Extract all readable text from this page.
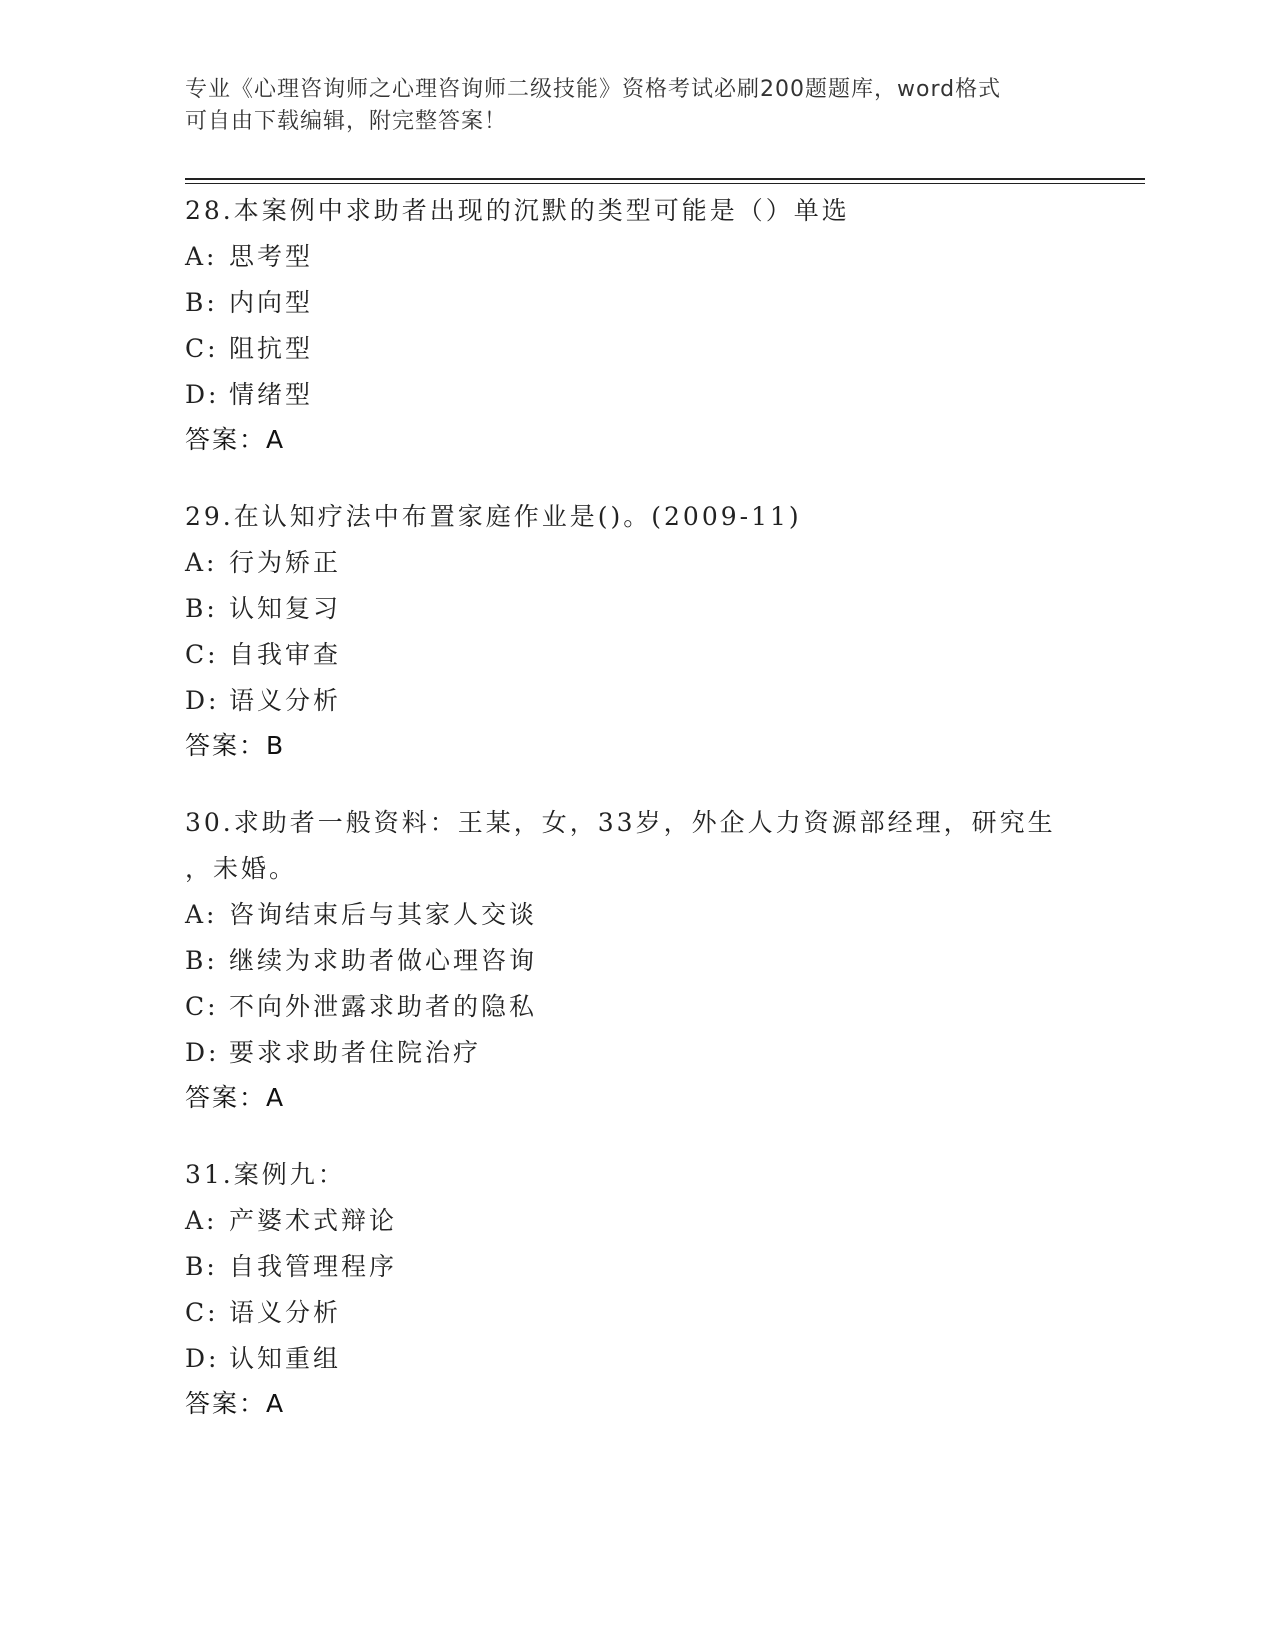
专业《心理咨询师之心理咨询师二级技能》资格考试必刷200题题库，word格式
可自由下载编辑，附完整答案！
28.本案例中求助者出现的沉默的类型可能是（）单选
A: 思考型
B: 内向型
C: 阻抗型
D: 情绪型
答案：A
29.在认知疗法中布置家庭作业是()。(2009-11)
A: 行为矫正
B: 认知复习
C: 自我审查
D: 语义分析
答案：B
30.求助者一般资料：王某，女，33岁，外企人力资源部经理，研究生
，未婚。
A: 咨询结束后与其家人交谈
B: 继续为求助者做心理咨询
C: 不向外泄露求助者的隐私
D: 要求求助者住院治疗
答案：A
31.案例九：
A: 产婆术式辩论
B: 自我管理程序
C: 语义分析
D: 认知重组
答案：A
